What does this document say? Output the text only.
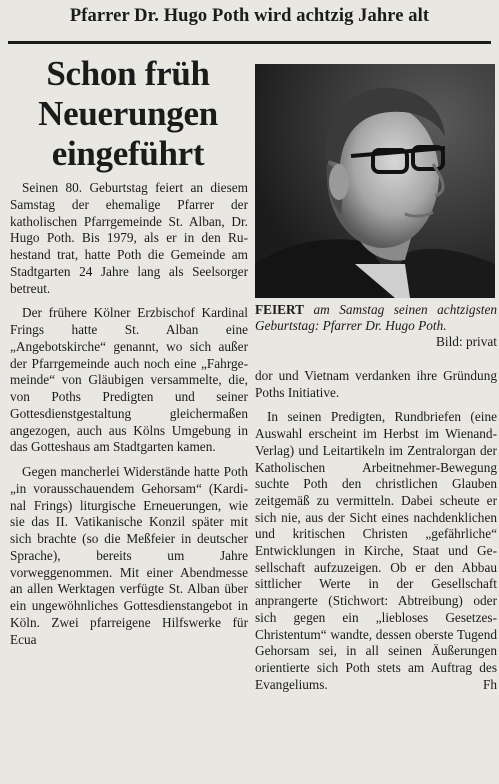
Pfarrer Dr. Hugo Poth wird achtzig Jahre alt
Schon früh Neuerungen eingeführt
FEIERT am Samstag seinen achtzigsten Geburtstag: Pfarrer Dr. Hugo Poth.
Bild: privat

Seinen 80. Geburtstag feiert an diesem Samstag der ehemalige Pfarrer der katholischen Pfarrgemeinde St. Alban, Dr. Hugo Poth. Bis 1979, als er in den Ruhestand trat, hatte Poth die Gemeinde am Stadtgarten 24 Jahre lang als Seelsorger betreut.

Der frühere Kölner Erzbischof Kardinal Frings hatte St. Alban eine „Angebotskirche“ genannt, wo sich außer der Pfarrgemeinde auch noch eine „Fahrgemeinde“ von Gläubigen versammelte, die, von Poths Predigten und seiner Gottesdienstgestaltung gleichermaßen angezogen, auch aus Kölns Umgebung in das Gotteshaus am Stadtgarten kamen.

Gegen mancherlei Widerstände hatte Poth „in vorausschauendem Gehorsam“ (Kardinal Frings) liturgische Erneuerungen, wie sie das II. Vatikanische Konzil später mit sich brachte (so die Meßfeier in deutscher Sprache), bereits um Jahre vorweggenommen. Mit einer Abendmesse an allen Werktagen verfügte St. Alban über ein ungewöhnliches Gottesdienstangebot in Köln. Zwei pfarreigene Hilfswerke für Ecua

dor und Vietnam verdanken ihre Gründung Poths Initiative.

In seinen Predigten, Rundbriefen (eine Auswahl erscheint im Herbst im Wienand-Verlag) und Leitartikeln im Zentralorgan der Katholischen Arbeitnehmer-Bewegung suchte Poth den christlichen Glauben zeitgemäß zu vermitteln. Dabei scheute er sich nie, aus der Sicht eines nachdenklichen und kritischen Christen „gefährliche“ Entwicklungen in Kirche, Staat und Gesellschaft aufzuzeigen. Ob er den Abbau sittlicher Werte in der Gesellschaft anprangerte (Stichwort: Abtreibung) oder sich gegen ein „liebloses Gesetzes-Christentum“ wandte, dessen oberste Tugend Gehorsam sei, in all seinen Äußerungen orientierte sich Poth stets am Auftrag des Evangeliums.	Fh
